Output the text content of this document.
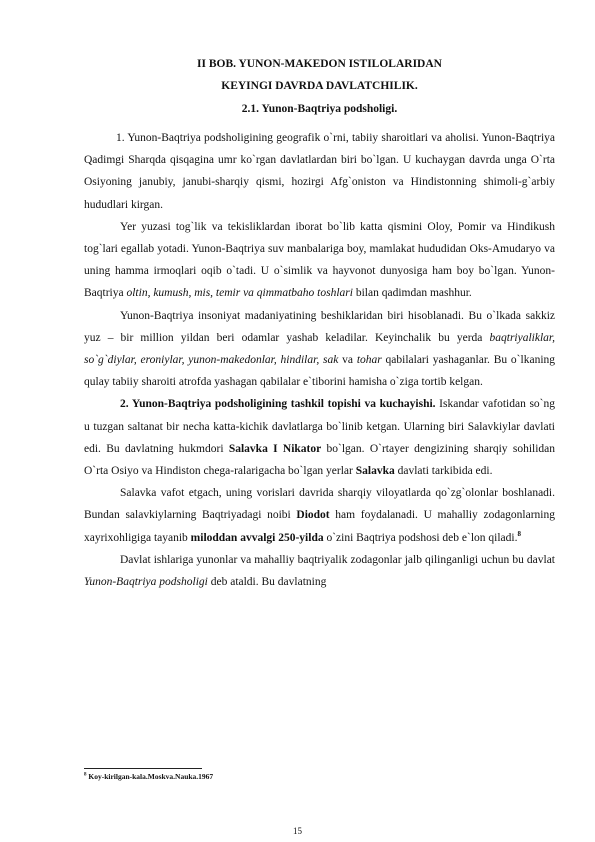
II BOB. YUNON-MAKEDON ISTILOLARIDAN
KEYINGI DAVRDA DAVLATCHILIK.
2.1. Yunon-Baqtriya podsholigi.

1. Yunon-Baqtriya podsholigining geografik o`rni, tabiiy sharoitlari va aholisi. Yunon-Baqtriya Qadimgi Sharqda qisqagina umr ko`rgan davlatlardan biri bo`lgan. U kuchaygan davrda unga O`rta Osiyoning janubiy, janubi-sharqiy qismi, hozirgi Afg`oniston va Hindistonning shimoli-g`arbiy hududlari kirgan.

Yer yuzasi tog`lik va tekisliklardan iborat bo`lib katta qismini Oloy, Pomir va Hindikush tog`lari egallab yotadi. Yunon-Baqtriya suv manbalariga boy, mamlakat hududidan Oks-Amudaryo va uning hamma irmoqlari oqib o`tadi. U o`simlik va hayvonot dunyosiga ham boy bo`lgan. Yunon-Baqtriya oltin, kumush, mis, temir va qimmatbaho toshlari bilan qadimdan mashhur.

Yunon-Baqtriya insoniyat madaniyatining beshiklaridan biri hisoblanadi. Bu o`lkada sakkiz yuz – bir million yildan beri odamlar yashab keladilar. Keyinchalik bu yerda baqtriyaliklar, so`g`diylar, eroniylar, yunon-makedonlar, hindilar, sak va tohar qabilalari yashaganlar. Bu o`lkaning qulay tabiiy sharoiti atrofda yashagan qabilalar e`tiborini hamisha o`ziga tortib kelgan.

2. Yunon-Baqtriya podsholigining tashkil topishi va kuchayishi. Iskandar vafotidan so`ng u tuzgan saltanat bir necha katta-kichik davlatlarga bo`linib ketgan. Ularning biri Salavkiylar davlati edi. Bu davlatning hukmdori Salavka I Nikator bo`lgan. O`rtayer dengizining sharqiy sohilidan O`rta Osiyo va Hindiston chega-ralarigacha bo`lgan yerlar Salavka davlati tarkibida edi.

Salavka vafot etgach, uning vorislari davrida sharqiy viloyatlarda qo`zg`olonlar boshlanadi. Bundan salavkiylarning Baqtriyadagi noibi Diodot ham foydalanadi. U mahalliy zodagonlarning xayrixohligiga tayanib miloddan avvalgi 250-yilda o`zini Baqtriya podshosi deb e`lon qiladi.$^8$

Davlat ishlariga yunonlar va mahalliy baqtriyalik zodagonlar jalb qilinganligi uchun bu davlat Yunon-Baqtriya podsholigi deb ataldi. Bu davlatning

$^8$ Koy-kirilgan-kala.Moskva.Nauka.1967
15
